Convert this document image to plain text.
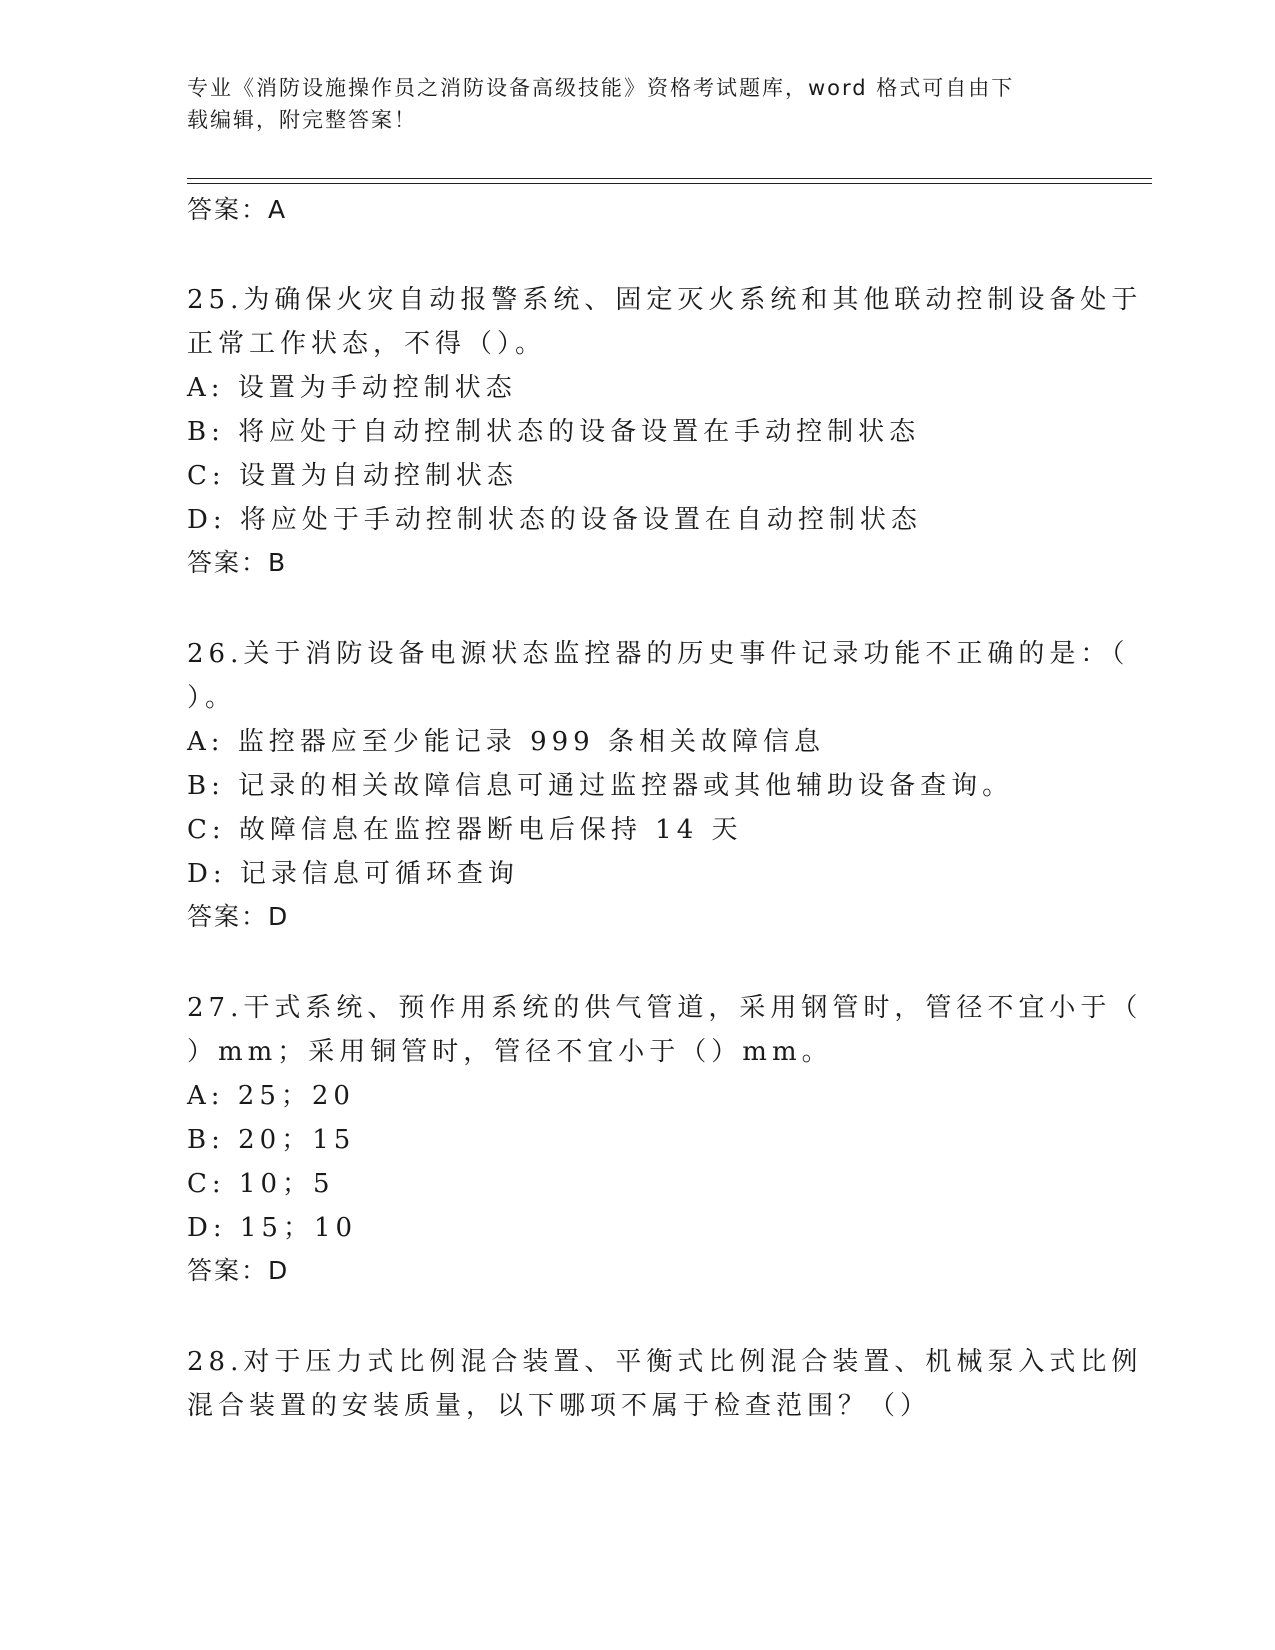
专业《消防设施操作员之消防设备高级技能》资格考试题库，word 格式可自由下
载编辑，附完整答案！
答案：A
25.为确保火灾自动报警系统、固定灭火系统和其他联动控制设备处于
正常工作状态，不得（）。
A: 设置为手动控制状态
B: 将应处于自动控制状态的设备设置在手动控制状态
C: 设置为自动控制状态
D: 将应处于手动控制状态的设备设置在自动控制状态
答案：B
26.关于消防设备电源状态监控器的历史事件记录功能不正确的是：（
）。
A: 监控器应至少能记录 999 条相关故障信息
B: 记录的相关故障信息可通过监控器或其他辅助设备查询。
C: 故障信息在监控器断电后保持 14 天
D: 记录信息可循环查询
答案：D
27.干式系统、预作用系统的供气管道，采用钢管时，管径不宜小于（
）mm；采用铜管时，管径不宜小于（）mm。
A: 25；20
B: 20；15
C: 10；5
D: 15；10
答案：D
28.对于压力式比例混合装置、平衡式比例混合装置、机械泵入式比例
混合装置的安装质量，以下哪项不属于检查范围？（）
